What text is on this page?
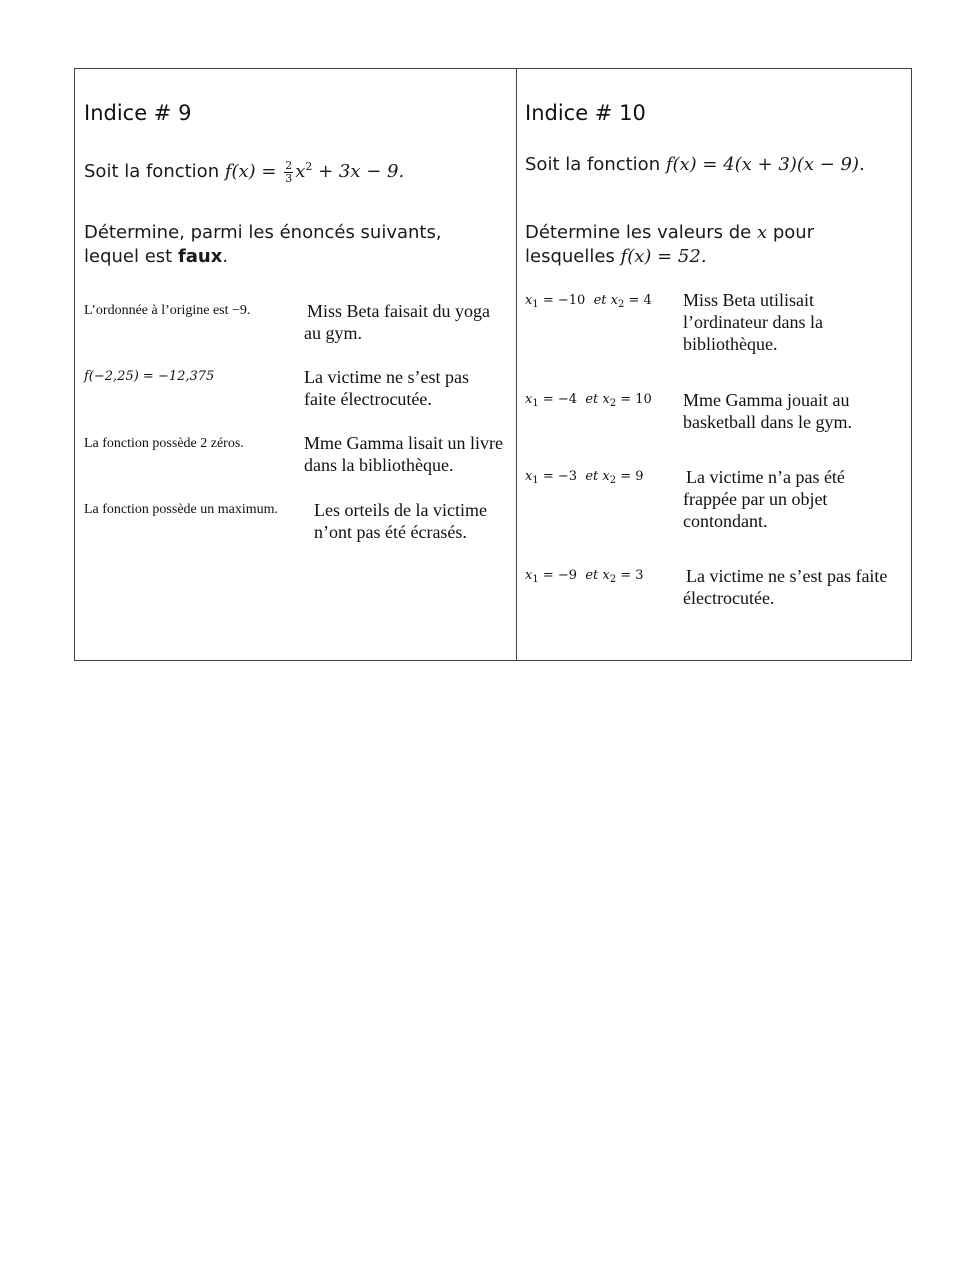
Indice # 9
Soit la fonction $f(x) = \frac{2}{3} x^2 + 3x - 9$.
Détermine, parmi les énoncés suivants, lequel est faux.
L’ordonnée à l’origine est −9.	Miss Beta faisait du yoga au gym.
f(−2,25) = −12,375	La victime ne s’est pas faite électrocutée.
La fonction possède 2 zéros.	Mme Gamma lisait un livre dans la bibliothèque.
La fonction possède un maximum. Les orteils de la victime n’ont pas été écrasés.
Indice # 10
Soit la fonction f(x) = 4(x + 3)(x − 9).
Détermine les valeurs de x pour lesquelles f(x) = 52.
$x_1 = -10$ et $x_2 = 4$ Miss Beta utilisait l’ordinateur dans la bibliothèque.
$x_1 = -4$ et $x_2 = 10$ Mme Gamma jouait au basketball dans le gym.
$x_1 = -3$ et $x_2 = 9$ La victime n’a pas été frappée par un objet contondant.
$x_1 = -9$ et $x_2 = 3$ La victime ne s’est pas faite électrocutée.
